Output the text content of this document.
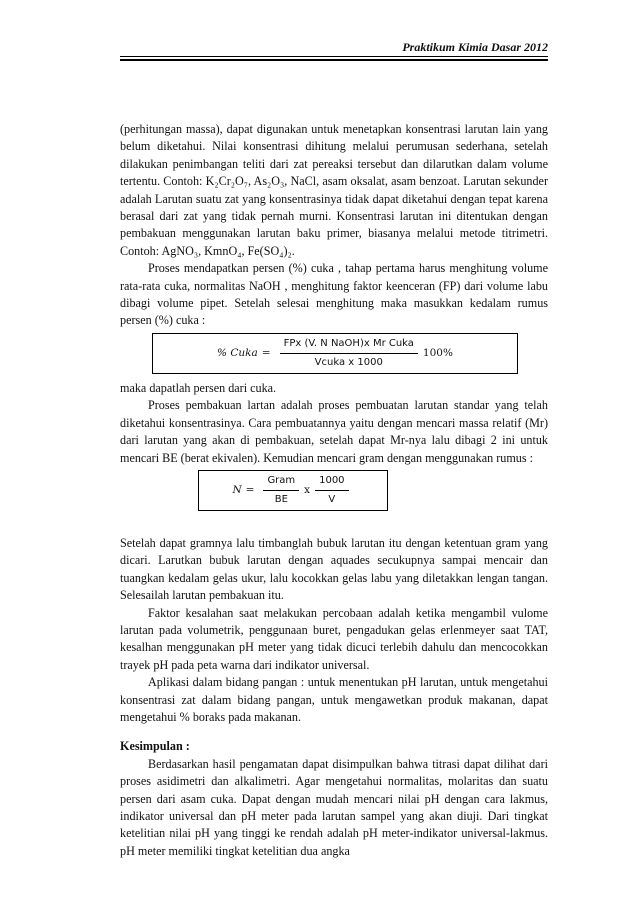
Praktikum Kimia Dasar 2012

(perhitungan massa), dapat digunakan untuk menetapkan konsentrasi larutan lain yang belum diketahui. Nilai konsentrasi dihitung melalui perumusan sederhana, setelah dilakukan penimbangan teliti dari zat pereaksi tersebut dan dilarutkan dalam volume tertentu. Contoh: K₂Cr₂O₇, As₂O₃, NaCl, asam oksalat, asam benzoat. Larutan sekunder adalah Larutan suatu zat yang konsentrasinya tidak dapat diketahui dengan tepat karena berasal dari zat yang tidak pernah murni. Konsentrasi larutan ini ditentukan dengan pembakuan menggunakan larutan baku primer, biasanya melalui metode titrimetri. Contoh: AgNO₃, KmnO₄, Fe(SO₄)₂.

Proses mendapatkan persen (%) cuka , tahap pertama harus menghitung volume rata-rata cuka, normalitas NaOH , menghitung faktor keenceran (FP) dari volume labu dibagi volume pipet. Setelah selesai menghitung maka masukkan kedalam rumus persen (%) cuka :

% Cuka = $\frac{\text{FPx (V. N NaOH)x Mr Cuka}}{\text{Vcuka x 1000}} 100\%$

maka dapatlah persen dari cuka.

Proses pembakuan lartan adalah proses pembuatan larutan standar yang telah diketahui konsentrasinya. Cara pembuatannya yaitu dengan mencari massa relatif (Mr) dari larutan yang akan di pembakuan, setelah dapat Mr-nya lalu dibagi 2 ini untuk mencari BE (berat ekivalen). Kemudian mencari gram dengan menggunakan rumus :

$N = \frac{\text{Gram}}{BE}$ x $\frac{1000}{V}$

Setelah dapat gramnya lalu timbanglah bubuk larutan itu dengan ketentuan gram yang dicari. Larutkan bubuk larutan dengan aquades secukupnya sampai mencair dan tuangkan kedalam gelas ukur, lalu kocokkan gelas labu yang diletakkan lengan tangan. Selesailah larutan pembakuan itu.

Faktor kesalahan saat melakukan percobaan adalah ketika mengambil vulome larutan pada volumetrik, penggunaan buret, pengadukan gelas erlenmeyer saat TAT, kesalhan menggunakan pH meter yang tidak dicuci terlebih dahulu dan mencocokkan trayek pH pada peta warna dari indikator universal.

Aplikasi dalam bidang pangan : untuk menentukan pH larutan, untuk mengetahui konsentrasi zat dalam bidang pangan, untuk mengawetkan produk makanan, dapat mengetahui % boraks pada makanan.

Kesimpulan :

Berdasarkan hasil pengamatan dapat disimpulkan bahwa titrasi dapat dilihat dari proses asidimetri dan alkalimetri. Agar mengetahui normalitas, molaritas dan suatu persen dari asam cuka. Dapat dengan mudah mencari nilai pH dengan cara lakmus, indikator universal dan pH meter pada larutan sampel yang akan diuji. Dari tingkat ketelitian nilai pH yang tinggi ke rendah adalah pH meter-indikator universal-lakmus. pH meter memiliki tingkat ketelitian dua angka
